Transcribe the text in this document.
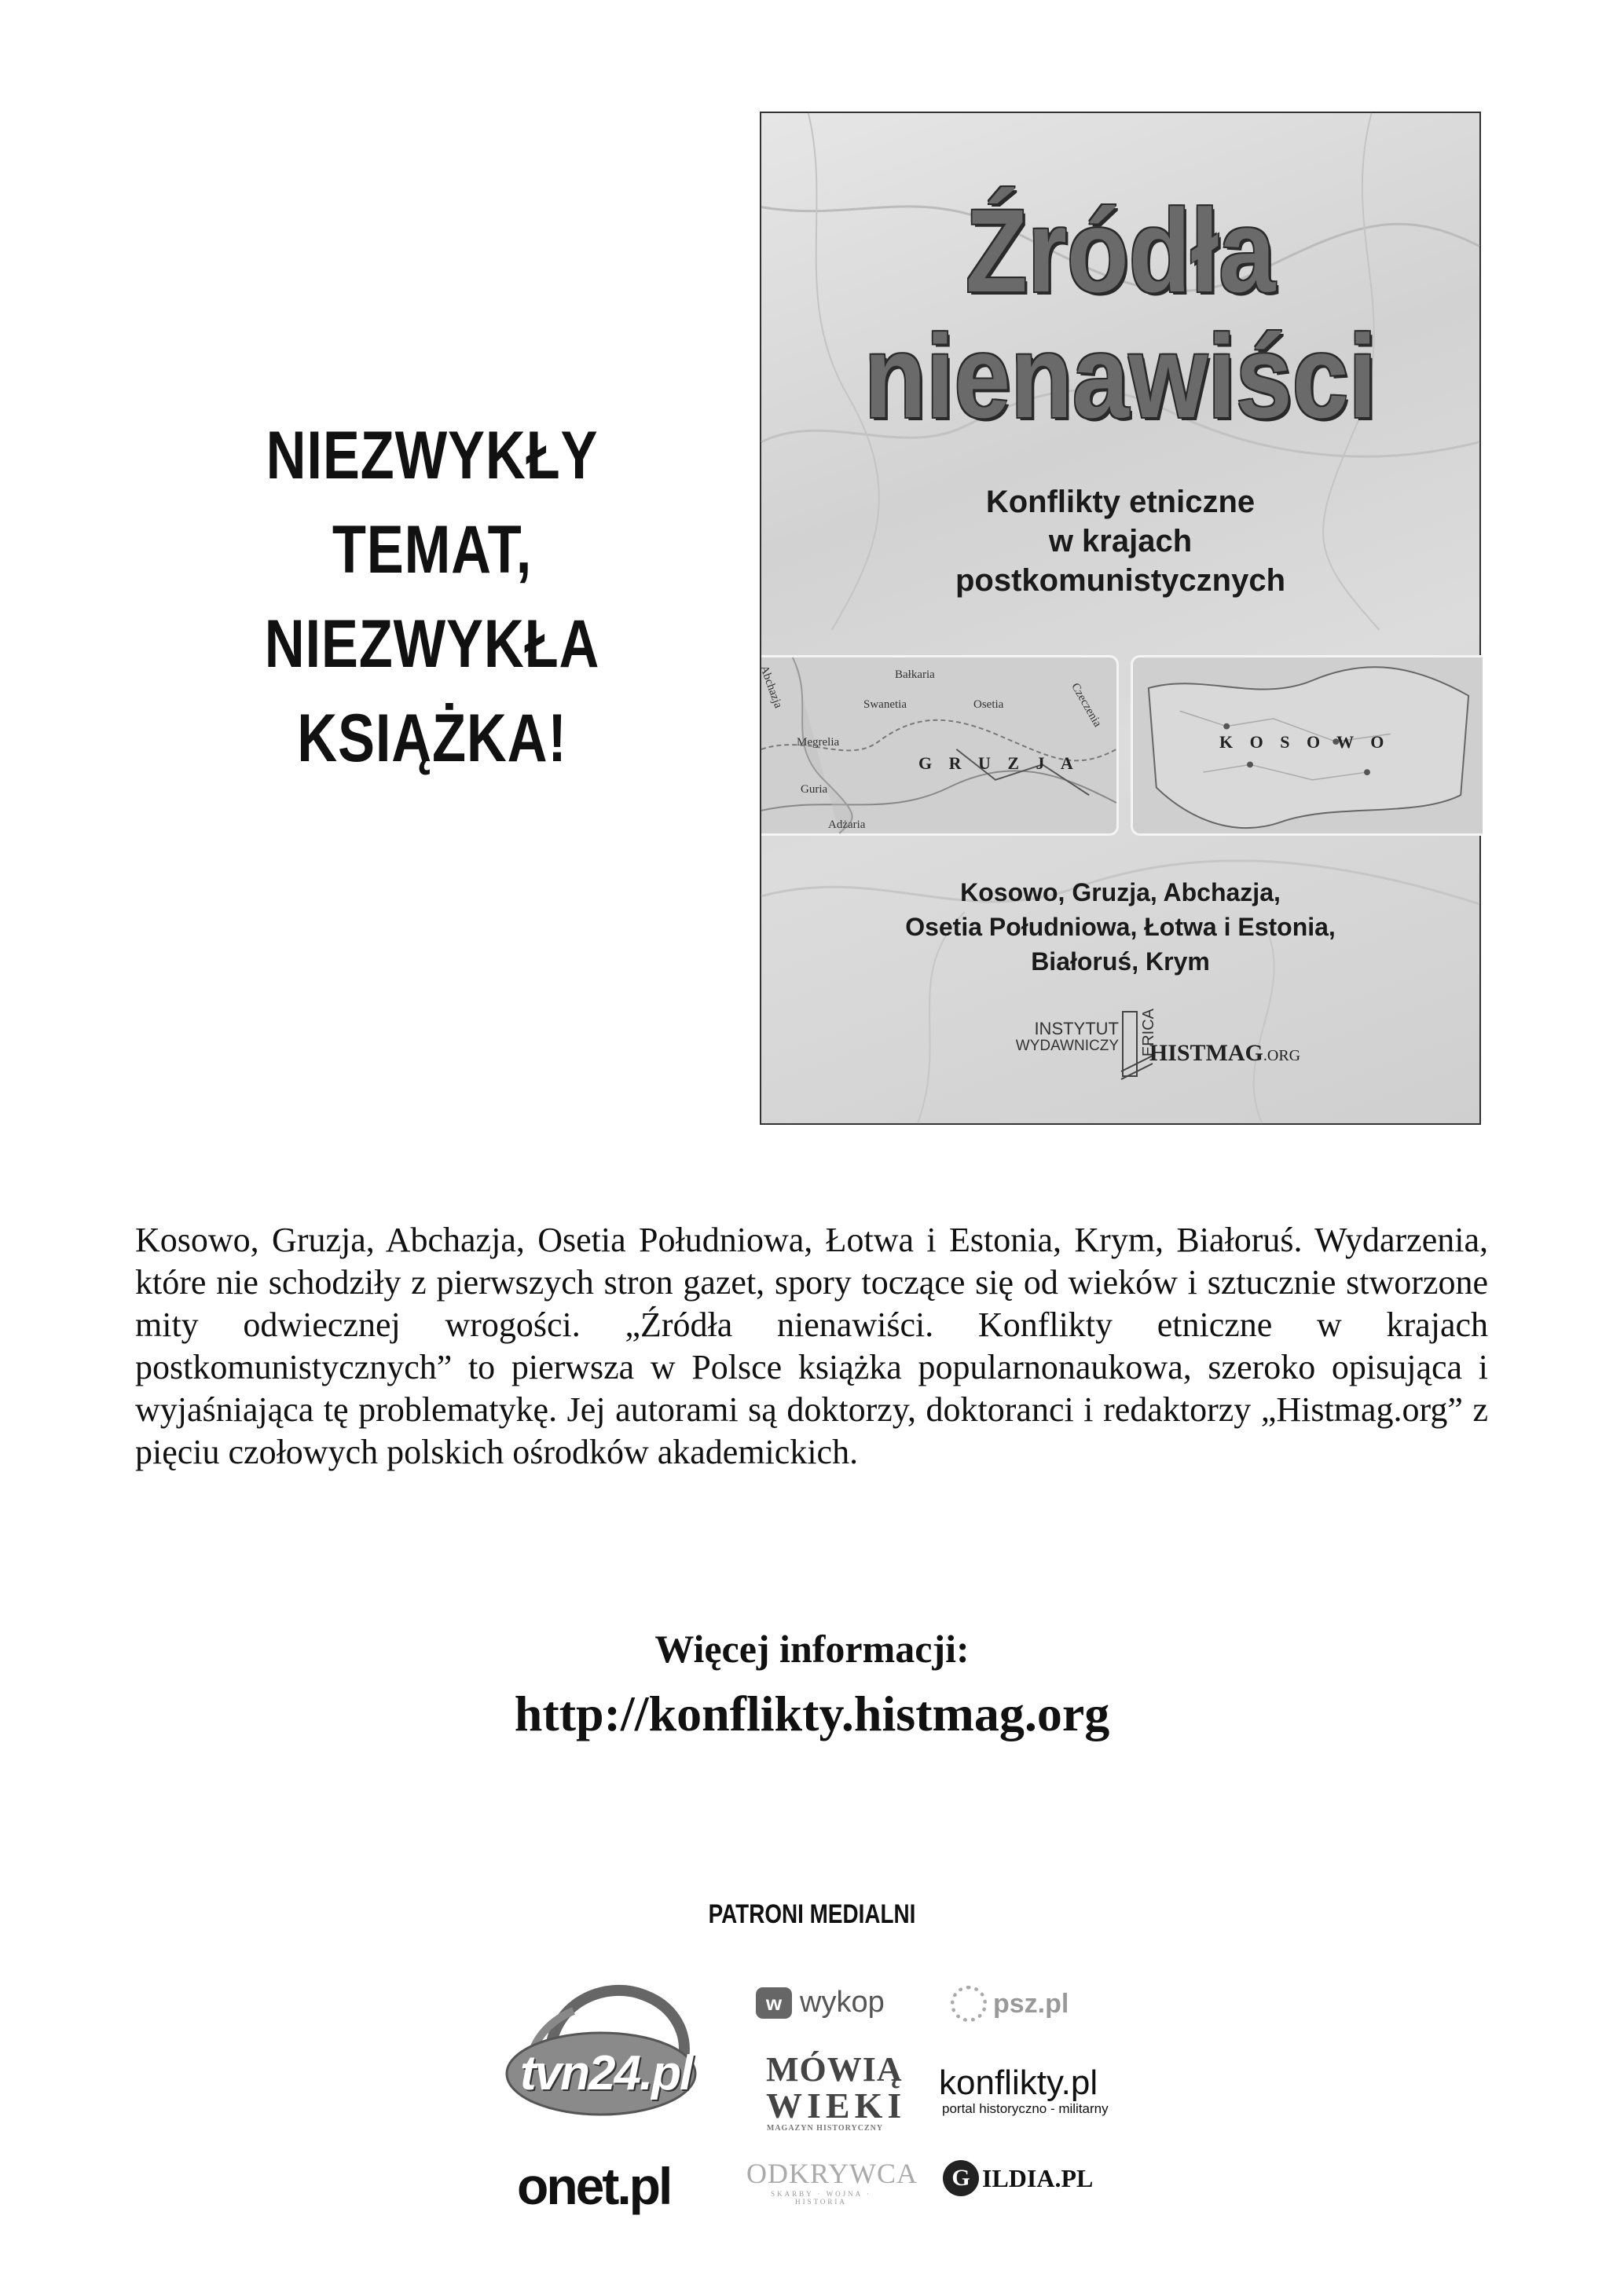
NIEZWYKŁY
TEMAT,
NIEZWYKŁA
KSIĄŻKA!
Źródła
nienawiści
Konflikty etniczne
w krajach
postkomunistycznych
Abchazja	Bałkaria
Swanetia	Osetia
Megrelia
Guria
Adżaria
Czeczenia
G R U Z J A
K O S O W O
Kosowo, Gruzja, Abchazja,
Osetia Południowa, Łotwa i Estonia,
Białoruś, Krym
INSTYTUT
WYDAWNICZY ERICA
HISTMAG.ORG
Kosowo, Gruzja, Abchazja, Osetia Południowa, Łotwa i Estonia, Krym, Białoruś. Wydarzenia, które nie schodziły z pierwszych stron gazet, spory toczące się od wieków i sztucznie stworzone mity odwiecznej wrogości. „Źródła nienawiści. Konflikty etniczne w krajach postkomunistycznych” to pierwsza w Polsce książka popularnonaukowa, szeroko opisująca i wyjaśniająca tę problematykę. Jej autorami są doktorzy, doktoranci i redaktorzy „Histmag.org” z pięciu czołowych polskich ośrodków akademickich.
Więcej informacji:
http://konflikty.histmag.org
PATRONI MEDIALNI
tvn24.pl
onet.pl
w wykop	psz.pl
MÓWIĄ
WIEKI
MAGAZYN HISTORYCZNY
konflikty.pl
portal historyczno - militarny
ODKRYWCA
SKARBY · WOJNA · HISTORIA
G ILDIA.PL
